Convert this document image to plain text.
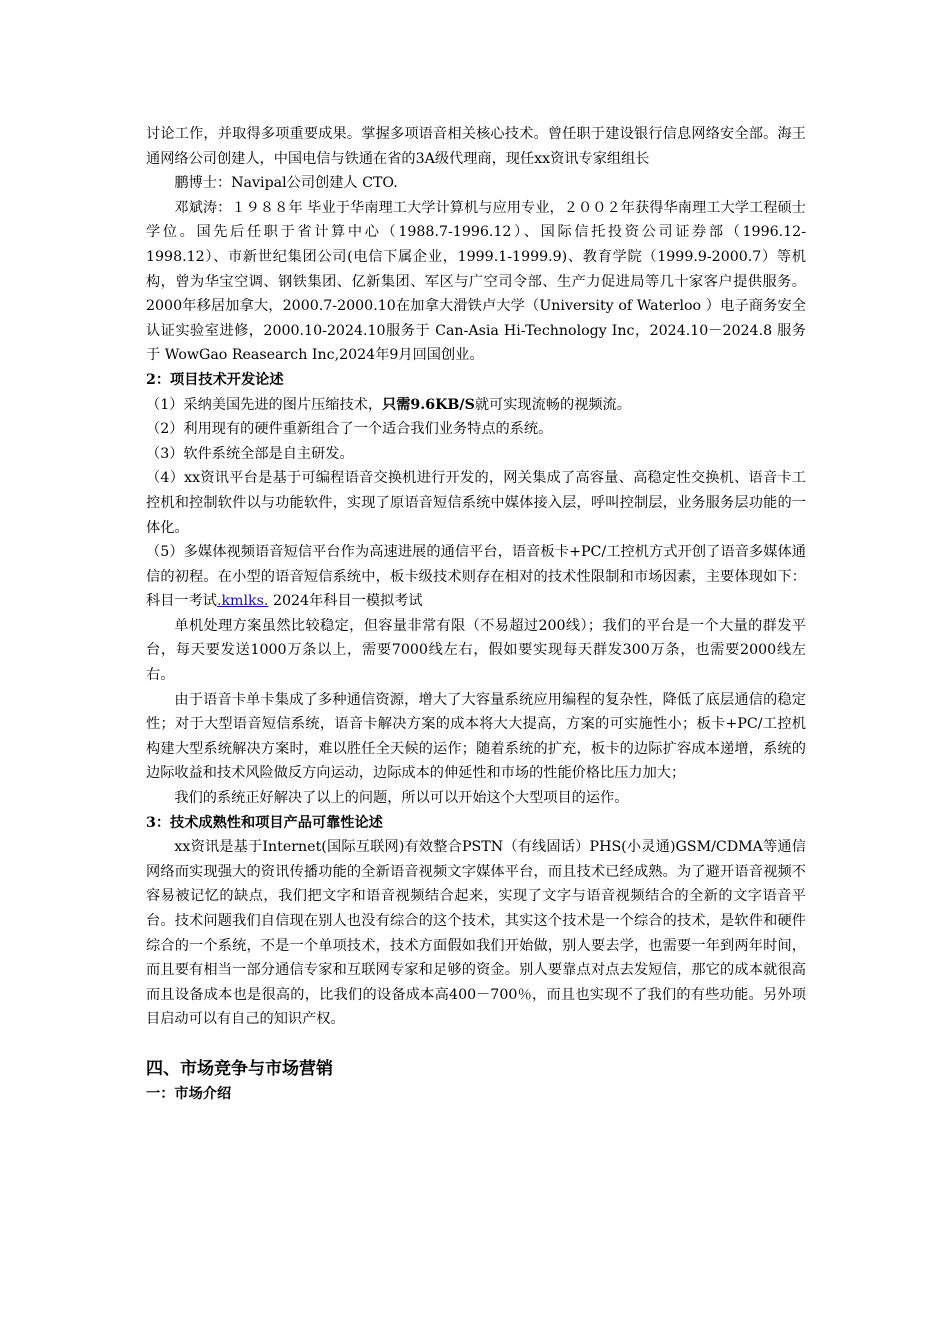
讨论工作，并取得多项重要成果。掌握多项语音相关核心技术。曾任职于建设银行信息网络安全部。海王通网络公司创建人，中国电信与铁通在省的3A级代理商，现任xx资讯专家组组长

鹏博士：Navipal公司创建人 CTO.

邓斌涛：１９８８年 毕业于华南理工大学计算机与应用专业，２００２年获得华南理工大学工程硕士学位。国先后任职于省计算中心（1988.7-1996.12）、国际信托投资公司证券部（1996.12-1998.12）、市新世纪集团公司(电信下属企业，1999.1-1999.9)、教育学院（1999.9-2000.7）等机构，曾为华宝空调、钢铁集团、亿新集团、军区与广空司令部、生产力促进局等几十家客户提供服务。2000年移居加拿大，2000.7-2000.10在加拿大滑铁卢大学（University of Waterloo ）电子商务安全认证实验室进修，2000.10-2024.10服务于 Can-Asia Hi-Technology Inc，2024.10－2024.8 服务于 WowGao Reasearch Inc,2024年9月回国创业。

2：项目技术开发论述

（1）采纳美国先进的图片压缩技术，只需9.6KB/S就可实现流畅的视频流。

（2）利用现有的硬件重新组合了一个适合我们业务特点的系统。

（3）软件系统全部是自主研发。

（4）xx资讯平台是基于可编程语音交换机进行开发的，网关集成了高容量、高稳定性交换机、语音卡工控机和控制软件以与功能软件，实现了原语音短信系统中媒体接入层，呼叫控制层，业务服务层功能的一体化。

（5）多媒体视频语音短信平台作为高速进展的通信平台，语音板卡+PC/工控机方式开创了语音多媒体通信的初程。在小型的语音短信系统中，板卡级技术则存在相对的技术性限制和市场因素，主要体现如下：科目一考试.kmlks. 2024年科目一模拟考试

单机处理方案虽然比较稳定，但容量非常有限（不易超过200线）；我们的平台是一个大量的群发平台，每天要发送1000万条以上，需要7000线左右，假如要实现每天群发300万条，也需要2000线左右。

由于语音卡单卡集成了多种通信资源，增大了大容量系统应用编程的复杂性，降低了底层通信的稳定性；对于大型语音短信系统，语音卡解决方案的成本将大大提高，方案的可实施性小；板卡+PC/工控机构建大型系统解决方案时，难以胜任全天候的运作；随着系统的扩充，板卡的边际扩容成本递增，系统的边际收益和技术风险做反方向运动，边际成本的伸延性和市场的性能价格比压力加大；

我们的系统正好解决了以上的问题，所以可以开始这个大型项目的运作。

3：技术成熟性和项目产品可靠性论述

xx资讯是基于Internet(国际互联网)有效整合PSTN（有线固话）PHS(小灵通)GSM/CDMA等通信网络而实现强大的资讯传播功能的全新语音视频文字媒体平台，而且技术已经成熟。为了避开语音视频不容易被记忆的缺点，我们把文字和语音视频结合起来，实现了文字与语音视频结合的全新的文字语音平台。技术问题我们自信现在别人也没有综合的这个技术，其实这个技术是一个综合的技术，是软件和硬件综合的一个系统，不是一个单项技术，技术方面假如我们开始做，别人要去学，也需要一年到两年时间，而且要有相当一部分通信专家和互联网专家和足够的资金。别人要靠点对点去发短信，那它的成本就很高而且设备成本也是很高的，比我们的设备成本高400－700％，而且也实现不了我们的有些功能。另外项目启动可以有自己的知识产权。

四、市场竞争与市场营销

一：市场介绍
